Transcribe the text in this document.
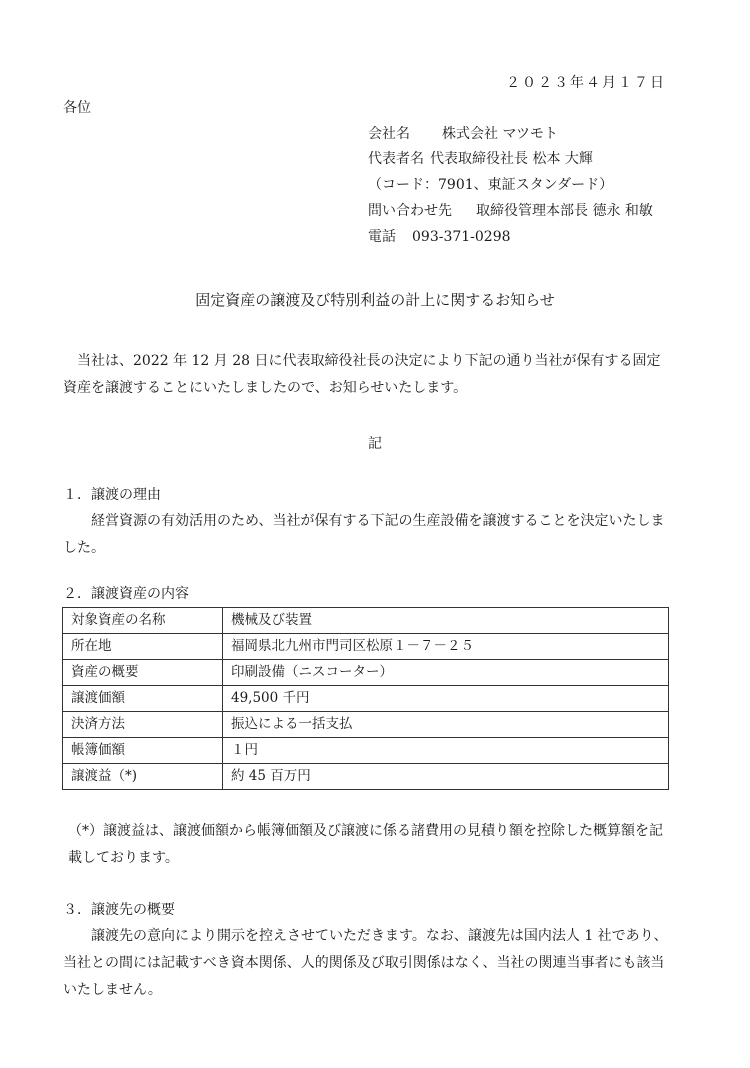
２０２３年４月１７日
各位
会社名 株式会社 マツモト
代表者名 代表取締役社長 松本 大輝
（コード：7901、東証スタンダード）
問い合わせ先 取締役管理本部長 德永 和敏
電話 093-371-0298
固定資産の譲渡及び特別利益の計上に関するお知らせ
当社は、2022 年 12 月 28 日に代表取締役社長の決定により下記の通り当社が保有する固定資産を譲渡することにいたしましたので、お知らせいたします。
記
１．譲渡の理由
経営資源の有効活用のため、当社が保有する下記の生産設備を譲渡することを決定いたしました。
２．譲渡資産の内容
対象資産の名称	機械及び装置
所在地	福岡県北九州市門司区松原１－７－２５
資産の概要	印刷設備（ニスコーター）
譲渡価額	49,500 千円
決済方法	振込による一括支払
帳簿価額	１円
譲渡益（*)	約 45 百万円
（*）譲渡益は、譲渡価額から帳簿価額及び譲渡に係る諸費用の見積り額を控除した概算額を記載しております。
３．譲渡先の概要
譲渡先の意向により開示を控えさせていただきます。なお、譲渡先は国内法人 1 社であり、当社との間には記載すべき資本関係、人的関係及び取引関係はなく、当社の関連当事者にも該当いたしません。
